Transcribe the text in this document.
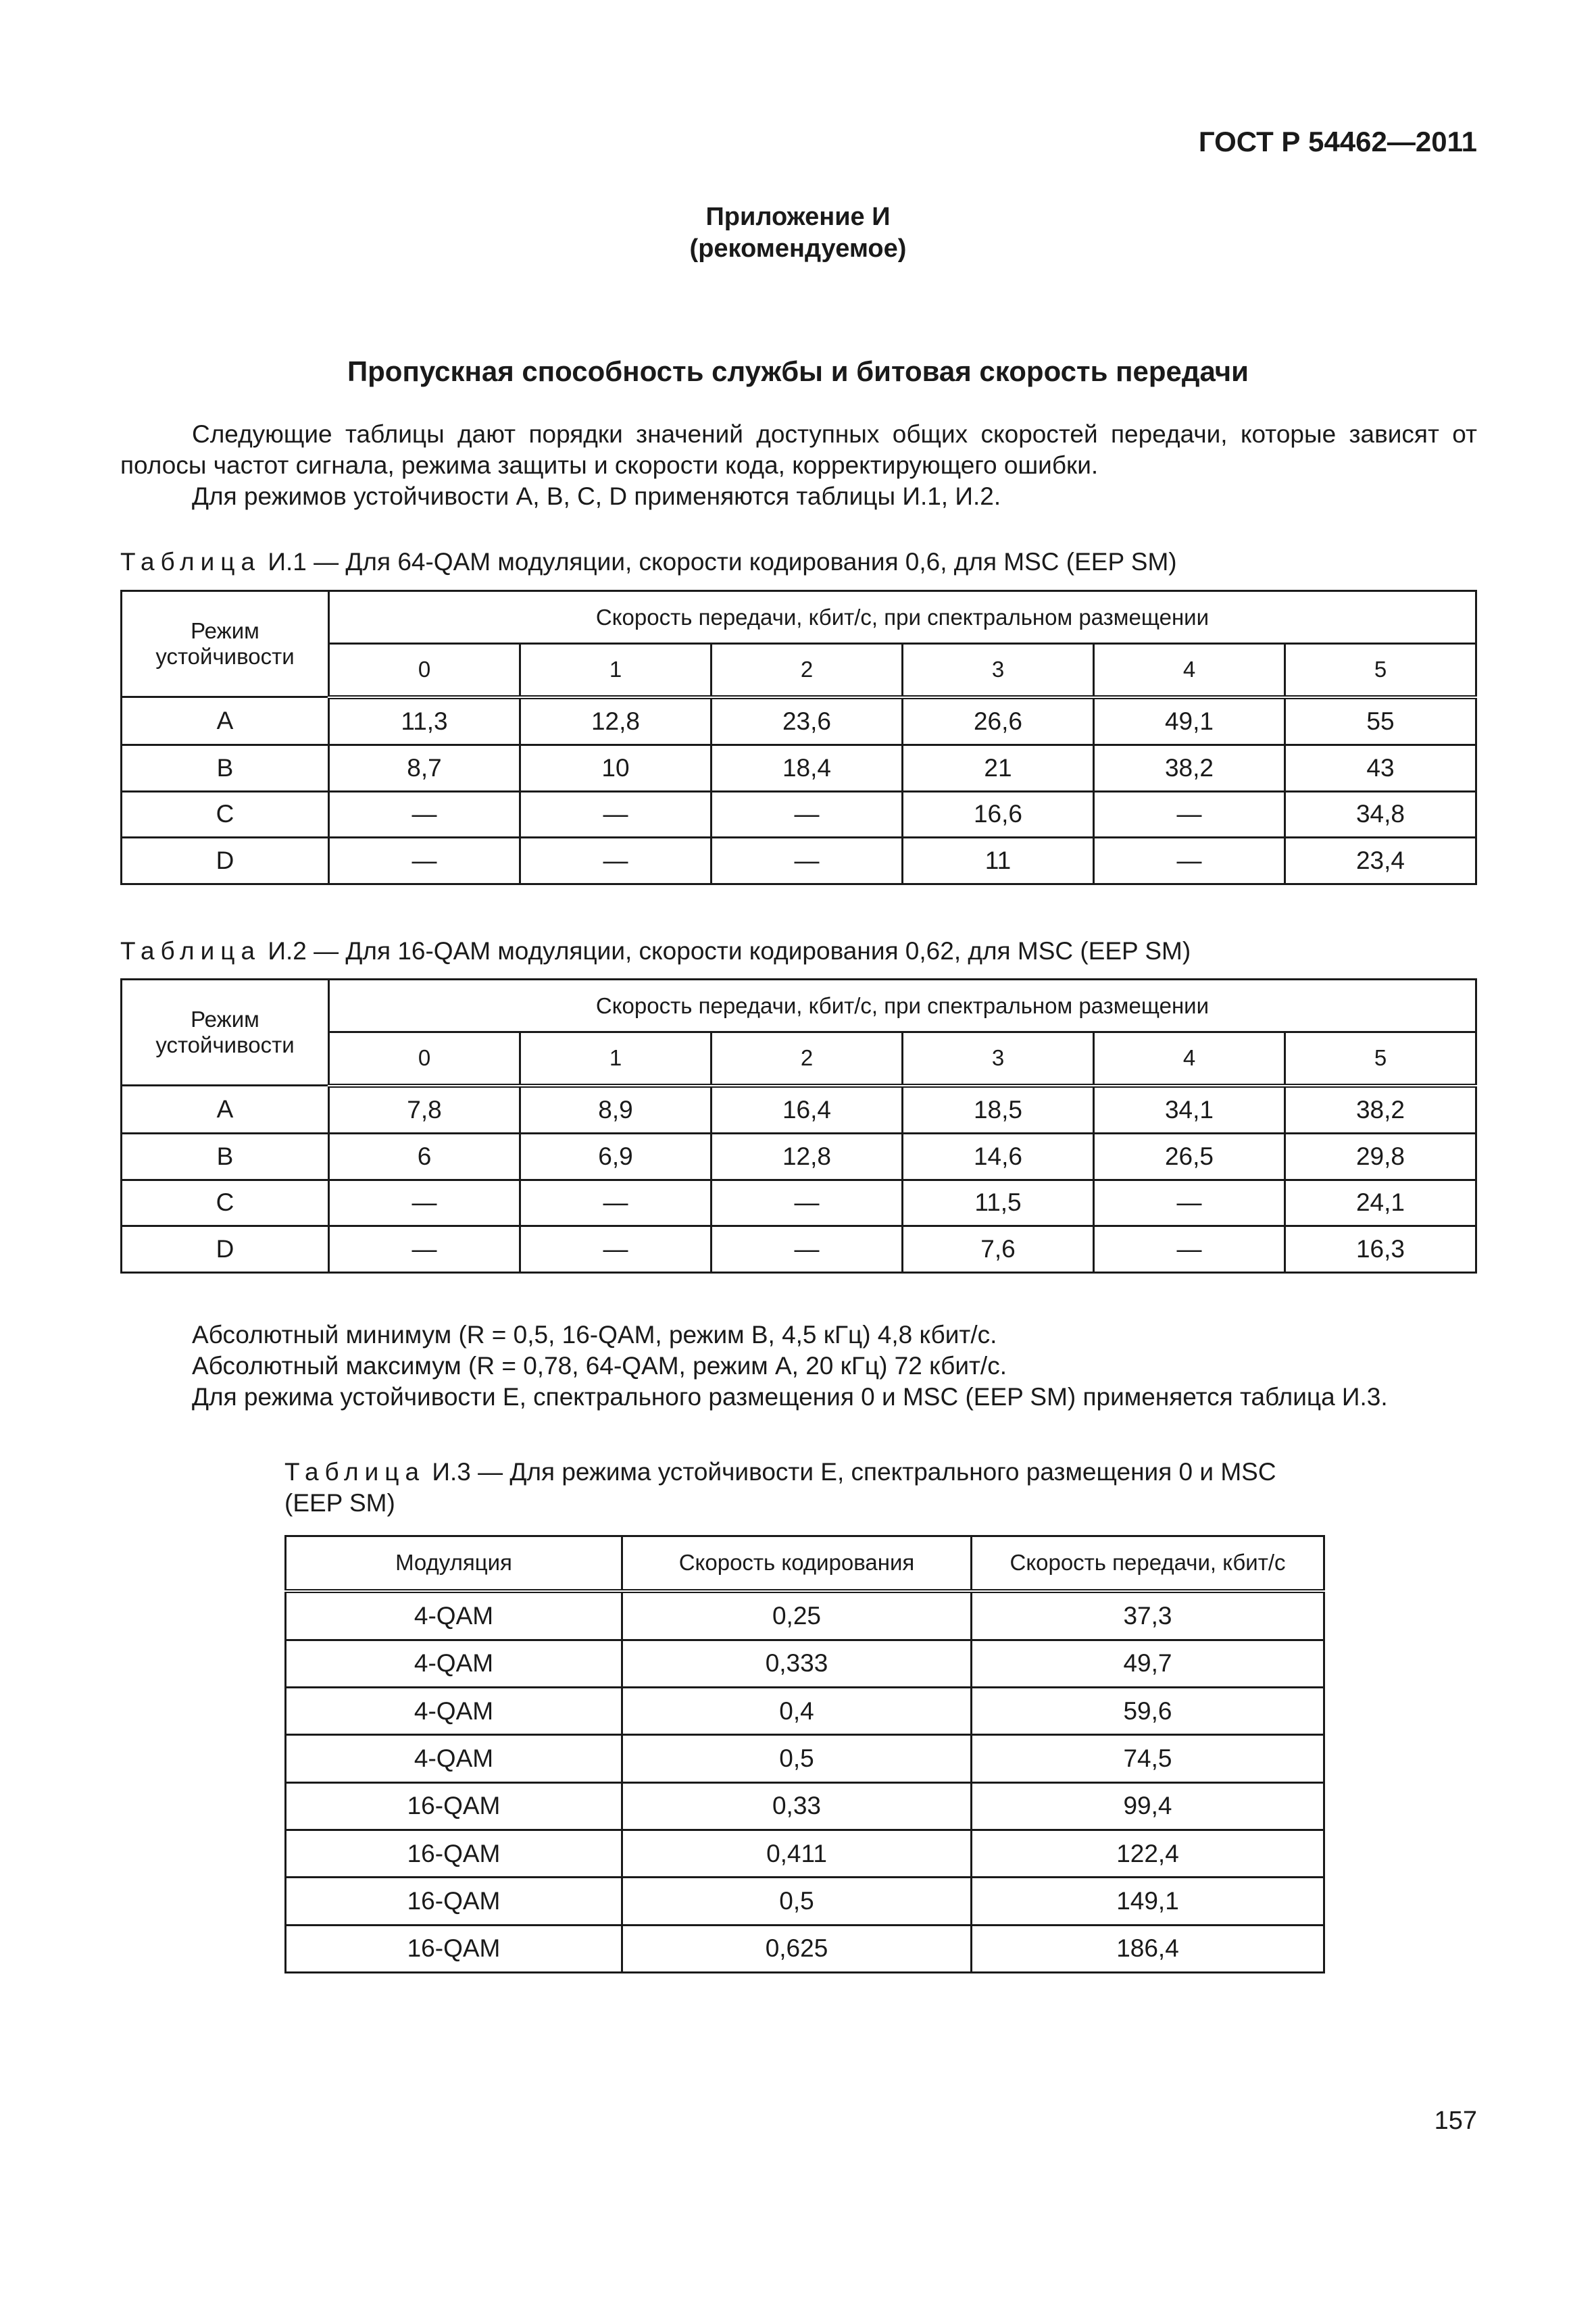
ГОСТ Р 54462—2011
Приложение И
(рекомендуемое)
Пропускная способность службы и битовая скорость передачи
Следующие таблицы дают порядки значений доступных общих скоростей передачи, которые зависят от полосы частот сигнала, режима защиты и скорости кода, корректирующего ошибки.
Для режимов устойчивости А, В, С, D применяются таблицы И.1, И.2.
Таблица И.1 — Для 64-QAM модуляции, скорости кодирования 0,6, для MSC (EEP SM)
Режим устойчивости	Скорость передачи, кбит/с, при спектральном размещении					
	0	1	2	3	4	5
A	11,3	12,8	23,6	26,6	49,1	55
B	8,7	10	18,4	21	38,2	43
C	—	—	—	16,6	—	34,8
D	—	—	—	11	—	23,4
Таблица И.2 — Для 16-QAM модуляции, скорости кодирования 0,62, для MSC (EEP SM)
Режим устойчивости	Скорость передачи, кбит/с, при спектральном размещении					
	0	1	2	3	4	5
A	7,8	8,9	16,4	18,5	34,1	38,2
B	6	6,9	12,8	14,6	26,5	29,8
C	—	—	—	11,5	—	24,1
D	—	—	—	7,6	—	16,3
Абсолютный минимум (R = 0,5, 16-QAM, режим В, 4,5 кГц) 4,8 кбит/с.
Абсолютный максимум (R = 0,78, 64-QAM, режим А, 20 кГц) 72 кбит/с.
Для режима устойчивости Е, спектрального размещения 0 и MSC (EEP SM) применяется таблица И.3.
Таблица И.3 — Для режима устойчивости Е, спектрального размещения 0 и MSC (EEP SM)
Модуляция	Скорость кодирования	Скорость передачи, кбит/с
4-QAM	0,25	37,3
4-QAM	0,333	49,7
4-QAM	0,4	59,6
4-QAM	0,5	74,5
16-QAM	0,33	99,4
16-QAM	0,411	122,4
16-QAM	0,5	149,1
16-QAM	0,625	186,4
157
